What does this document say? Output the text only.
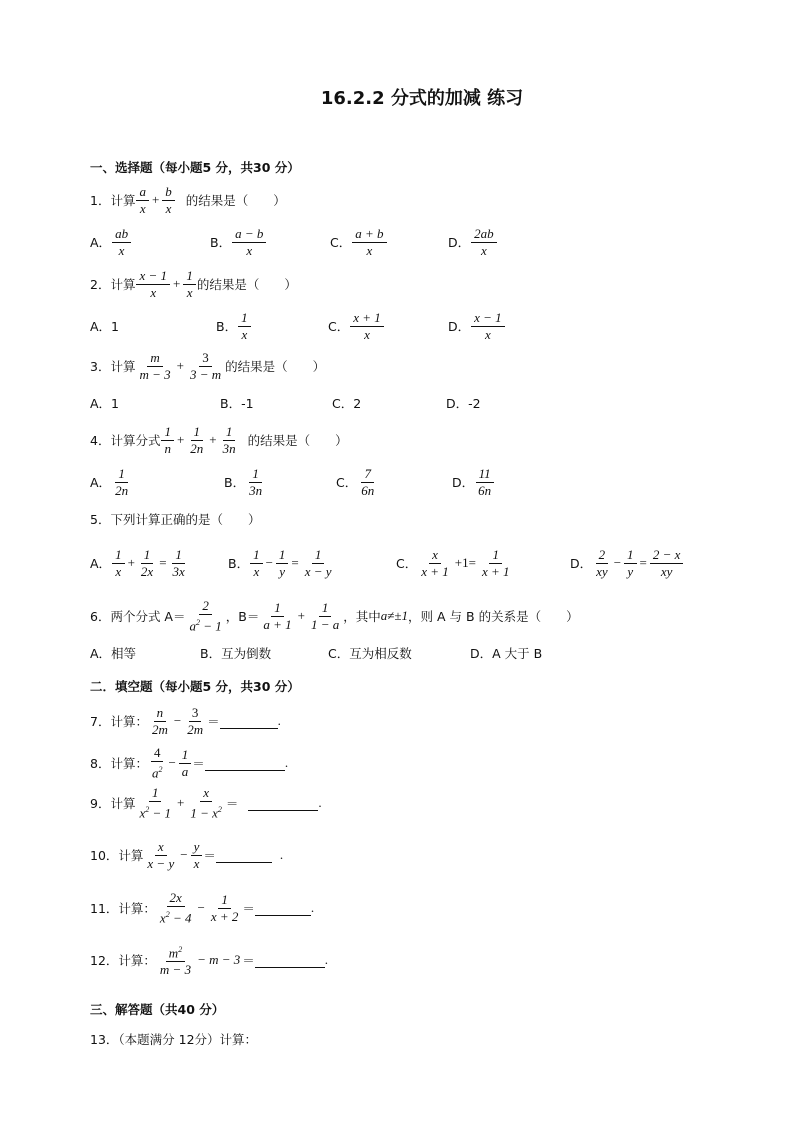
16.2.2 分式的加减 练习
一、选择题（每小题5 分，共30 分）
1．计算 $\frac{a}{x} + \frac{b}{x}$ 的结果是（　　）
A． $\frac{ab}{x}$	B． $\frac{a - b}{x}$	C． $\frac{a + b}{x}$	D． $\frac{2ab}{x}$
2．计算 $\frac{x - 1}{x} + \frac{1}{x}$ 的结果是（　　）
A．1	B． $\frac{1}{x}$	C． $\frac{x + 1}{x}$	D． $\frac{x - 1}{x}$
3．计算 $\frac{m}{m - 3} + \frac{3}{3 - m}$ 的结果是（　　）
A．1	B．-1	C．2	D．-2
4．计算分式 $\frac{1}{n} + \frac{1}{2n} + \frac{1}{3n}$ 的结果是（　　）
A． $\frac{1}{2n}$	B． $\frac{1}{3n}$	C． $\frac{7}{6n}$	D． $\frac{11}{6n}$
5．下列计算正确的是（　　）
A． $\frac{1}{x} + \frac{1}{2x} = \frac{1}{3x}$	B． $\frac{1}{x} - \frac{1}{y} = \frac{1}{x - y}$	C． $\frac{x}{x + 1} +1= \frac{1}{x + 1}$	D． $\frac{2}{xy} - \frac{1}{y} = \frac{2 - x}{xy}$
6．两个分式 $A= \frac{2}{a^2 - 1}$ ，$B= \frac{1}{a + 1} + \frac{1}{1 - a}$ ，其中 a≠±1 ，则 A 与 B 的关系是（　　）
A．相等	B．互为倒数	C．互为相反数	D．A 大于 B
二．填空题（每小题5 分，共30 分）
7．计算： $\frac{n}{2m} - \frac{3}{2m}$ ＝	.
8．计算： $\frac{4}{a^2} - \frac{1}{a}$ ＝	.
9．计算 $\frac{1}{x^2 - 1} + \frac{x}{1 - x^2}$ ＝	.
10．计算 $\frac{x}{x - y} - \frac{y}{x}$ ＝	.
11．计算： $\frac{2x}{x^2 - 4} - \frac{1}{x + 2}$ ＝	.
12．计算： $\frac{m^2}{m - 3} - m - 3$ ＝	.
三、解答题（共40 分）
13．（本题满分 12分）计算：
